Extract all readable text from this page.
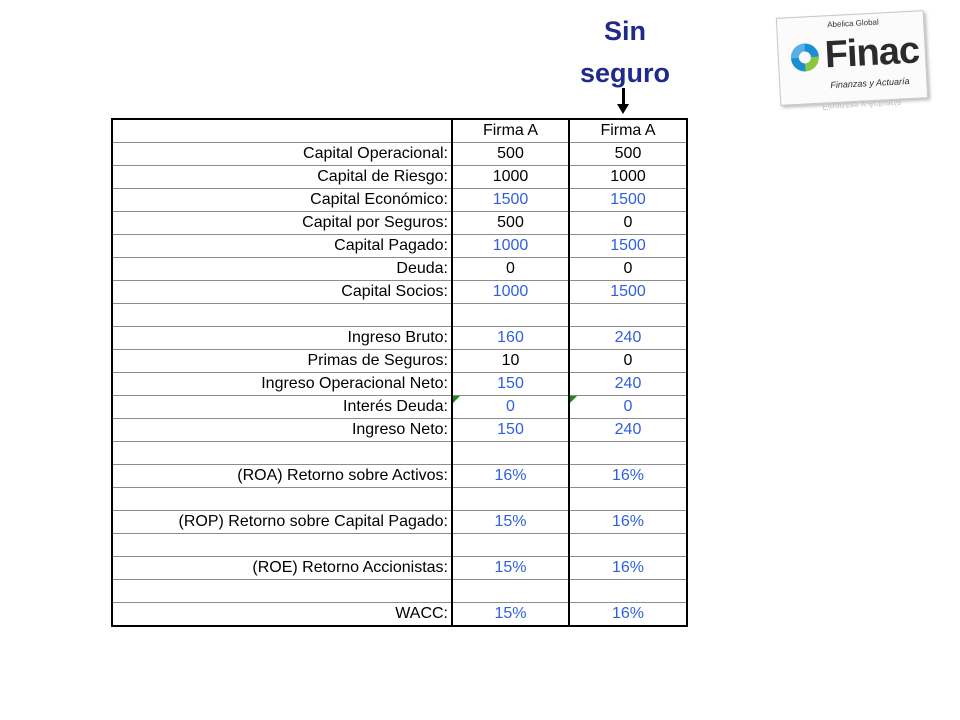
Sin
seguro
Abelica Global
Finac
Finanzas y Actuaría
Finanzas y Actuaría
	Firma A	Firma A
Capital Operacional:	500	500
Capital de Riesgo:	1000	1000
Capital Económico:	1500	1500
Capital por Seguros:	500	0
Capital Pagado:	1000	1500
Deuda:	0	0
Capital Socios:	1000	1500

Ingreso Bruto:	160	240
Primas de Seguros:	10	0
Ingreso Operacional Neto:	150	240
Interés Deuda:	0	0

Ingreso Neto:	150	240

(ROA) Retorno sobre Activos:	16%	16%

(ROP) Retorno sobre Capital Pagado:	15%	16%

(ROE) Retorno Accionistas:	15%	16%

WACC:	15%	16%
